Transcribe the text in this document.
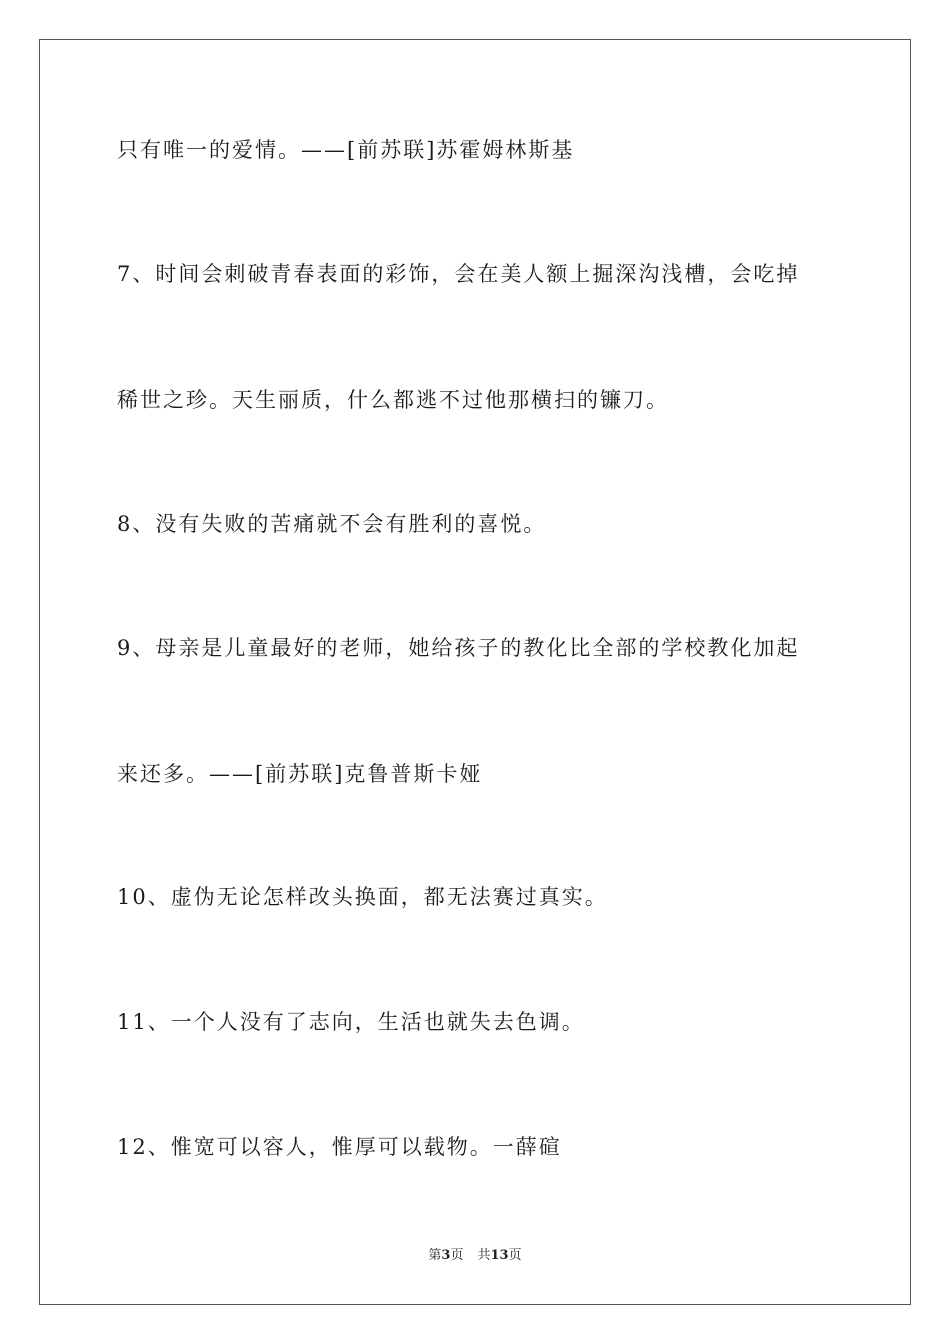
只有唯一的爱情。——[前苏联]苏霍姆林斯基
7、时间会刺破青春表面的彩饰，会在美人额上掘深沟浅槽，会吃掉
稀世之珍。天生丽质，什么都逃不过他那横扫的镰刀。
8、没有失败的苦痛就不会有胜利的喜悦。
9、母亲是儿童最好的老师，她给孩子的教化比全部的学校教化加起
来还多。——[前苏联]克鲁普斯卡娅
10、虚伪无论怎样改头换面，都无法赛过真实。
11、一个人没有了志向，生活也就失去色调。
12、惟宽可以容人，惟厚可以载物。一薛碹
第3页 共13页
